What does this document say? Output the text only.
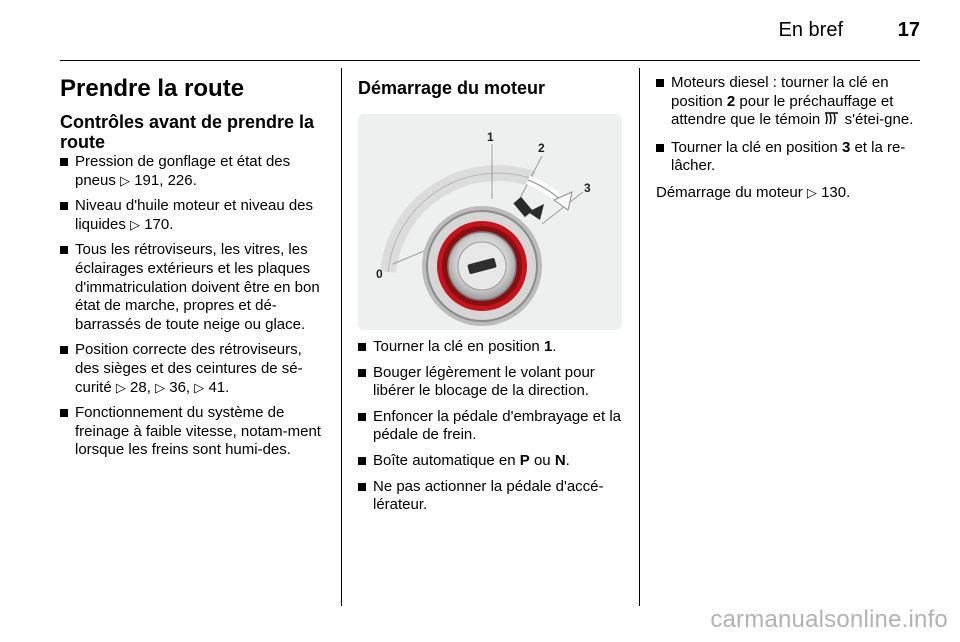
En bref	17
Prendre la route
Contrôles avant de prendre la route
Pression de gonflage et état des pneus ▷ 191, 226.
Niveau d'huile moteur et niveau des liquides ▷ 170.
Tous les rétroviseurs, les vitres, les éclairages extérieurs et les plaques d'immatriculation doivent être en bon état de marche, propres et dé-barrassés de toute neige ou glace.
Position correcte des rétroviseurs, des sièges et des ceintures de sé-curité ▷ 28, ▷ 36, ▷ 41.
Fonctionnement du système de freinage à faible vitesse, notam-ment lorsque les freins sont humi-des.
Démarrage du moteur
0
1
2
3
Tourner la clé en position 1.
Bouger légèrement le volant pour libérer le blocage de la direction.
Enfoncer la pédale d'embrayage et la pédale de frein.
Boîte automatique en P ou N.
Ne pas actionner la pédale d'accé-lérateur.
Moteurs diesel : tourner la clé en position 2 pour le préchauffage et attendre que le témoin s'étei-gne.
Tourner la clé en position 3 et la re-lâcher.

Démarrage du moteur ▷ 130.

carmanualsonline.info
